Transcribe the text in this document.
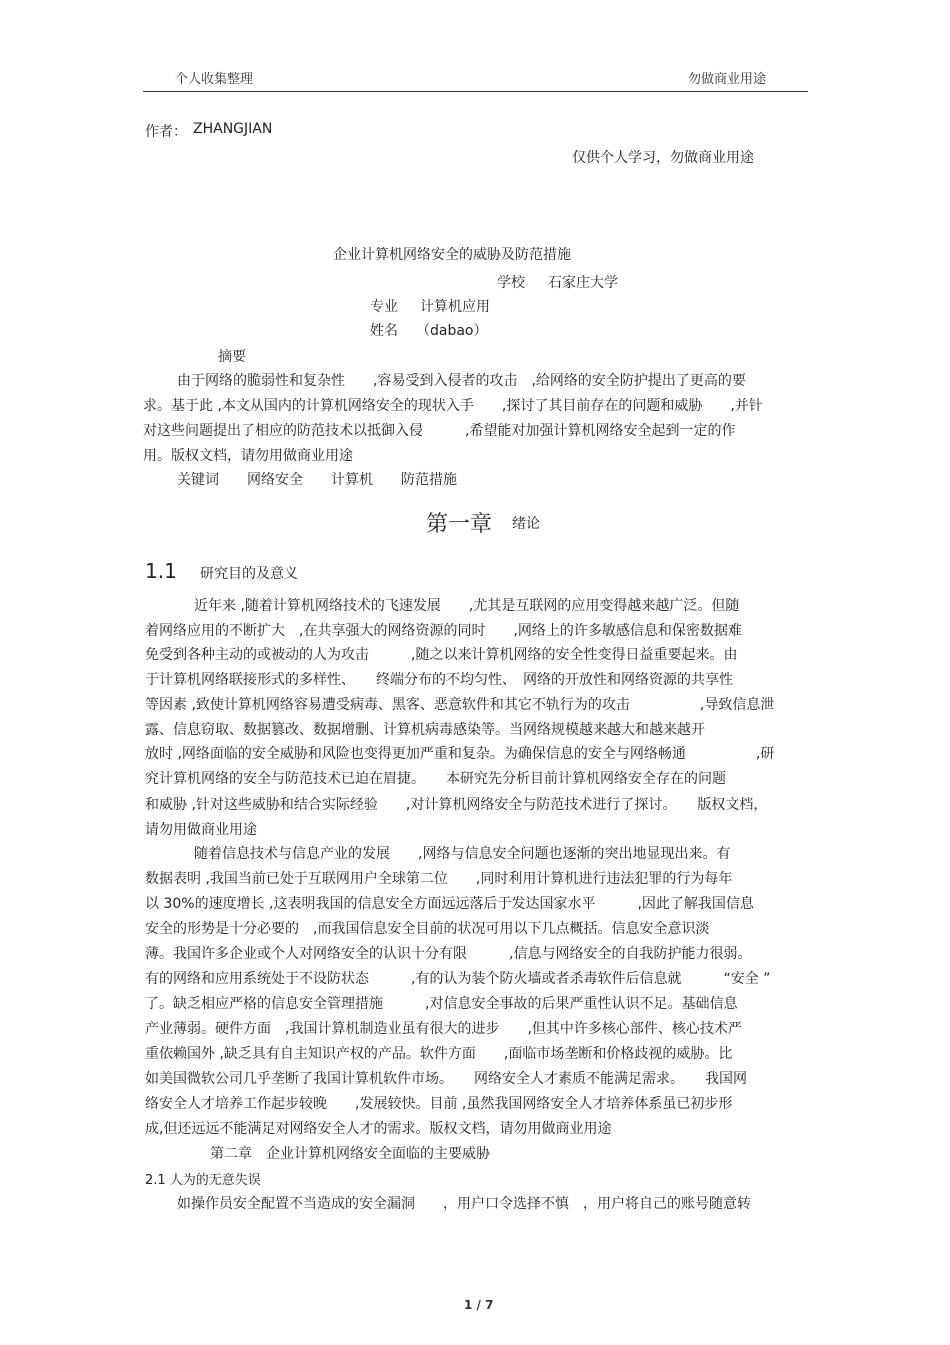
个人收集整理	勿做商业用途
作者： ZHANGJIAN
仅供个人学习，勿做商业用途
企业计算机网络安全的威胁及防范措施
学校 石家庄大学
专业 计算机应用
姓名 （dabao）
摘要
由于网络的脆弱性和复杂性　　,容易受到入侵者的攻击　,给网络的安全防护提出了更高的要
求。基于此 ,本文从国内的计算机网络安全的现状入手　　,探讨了其目前存在的问题和威胁　　,并针
对这些问题提出了相应的防范技术以抵御入侵　　　,希望能对加强计算机网络安全起到一定的作
用。版权文档，请勿用做商业用途
关键词　　网络安全　　计算机　　防范措施
第一章 绪论
1.1 研究目的及意义
近年来 ,随着计算机网络技术的飞速发展　　,尤其是互联网的应用变得越来越广泛。但随
着网络应用的不断扩大　,在共享强大的网络资源的同时　　,网络上的许多敏感信息和保密数据难
免受到各种主动的或被动的人为攻击　　　,随之以来计算机网络的安全性变得日益重要起来。由
于计算机网络联接形式的多样性、　　终端分布的不均匀性、　网络的开放性和网络资源的共享性
等因素 ,致使计算机网络容易遭受病毒、黑客、恶意软件和其它不轨行为的攻击　　　　　,导致信息泄
露、信息窃取、数据篡改、数据增删、计算机病毒感染等。当网络规模越来越大和越来越开
放时 ,网络面临的安全威胁和风险也变得更加严重和复杂。为确保信息的安全与网络畅通　　　　　,研
究计算机网络的安全与防范技术已迫在眉捷。　　本研究先分析目前计算机网络安全存在的问题
和威胁 ,针对这些威胁和结合实际经验　　,对计算机网络安全与防范技术进行了探讨。　　版权文档，
请勿用做商业用途
随着信息技术与信息产业的发展　　,网络与信息安全问题也逐渐的突出地显现出来。有
数据表明 ,我国当前已处于互联网用户全球第二位　　,同时利用计算机进行违法犯罪的行为每年
以 30%的速度增长 ,这表明我国的信息安全方面远远落后于发达国家水平　　　,因此了解我国信息
安全的形势是十分必要的　,而我国信息安全目前的状况可用以下几点概括。信息安全意识淡
薄。我国许多企业或个人对网络安全的认识十分有限　　　,信息与网络安全的自我防护能力很弱。
有的网络和应用系统处于不设防状态　　　,有的认为装个防火墙或者杀毒软件后信息就　　　“安全 ”
了。缺乏相应严格的信息安全管理措施　　　,对信息安全事故的后果严重性认识不足。基础信息
产业薄弱。硬件方面　,我国计算机制造业虽有很大的进步　　,但其中许多核心部件、核心技术严
重依赖国外 ,缺乏具有自主知识产权的产品。软件方面　　,面临市场垄断和价格歧视的威胁。比
如美国微软公司几乎垄断了我国计算机软件市场。　　网络安全人才素质不能满足需求。　　我国网
络安全人才培养工作起步较晚　　,发展较快。目前 ,虽然我国网络安全人才培养体系虽已初步形
成,但还远远不能满足对网络安全人才的需求。版权文档，请勿用做商业用途
第二章　企业计算机网络安全面临的主要威胁
2.1 人为的无意失误
如操作员安全配置不当造成的安全漏洞　　，用户口令选择不慎　，用户将自己的账号随意转
1 / 7
